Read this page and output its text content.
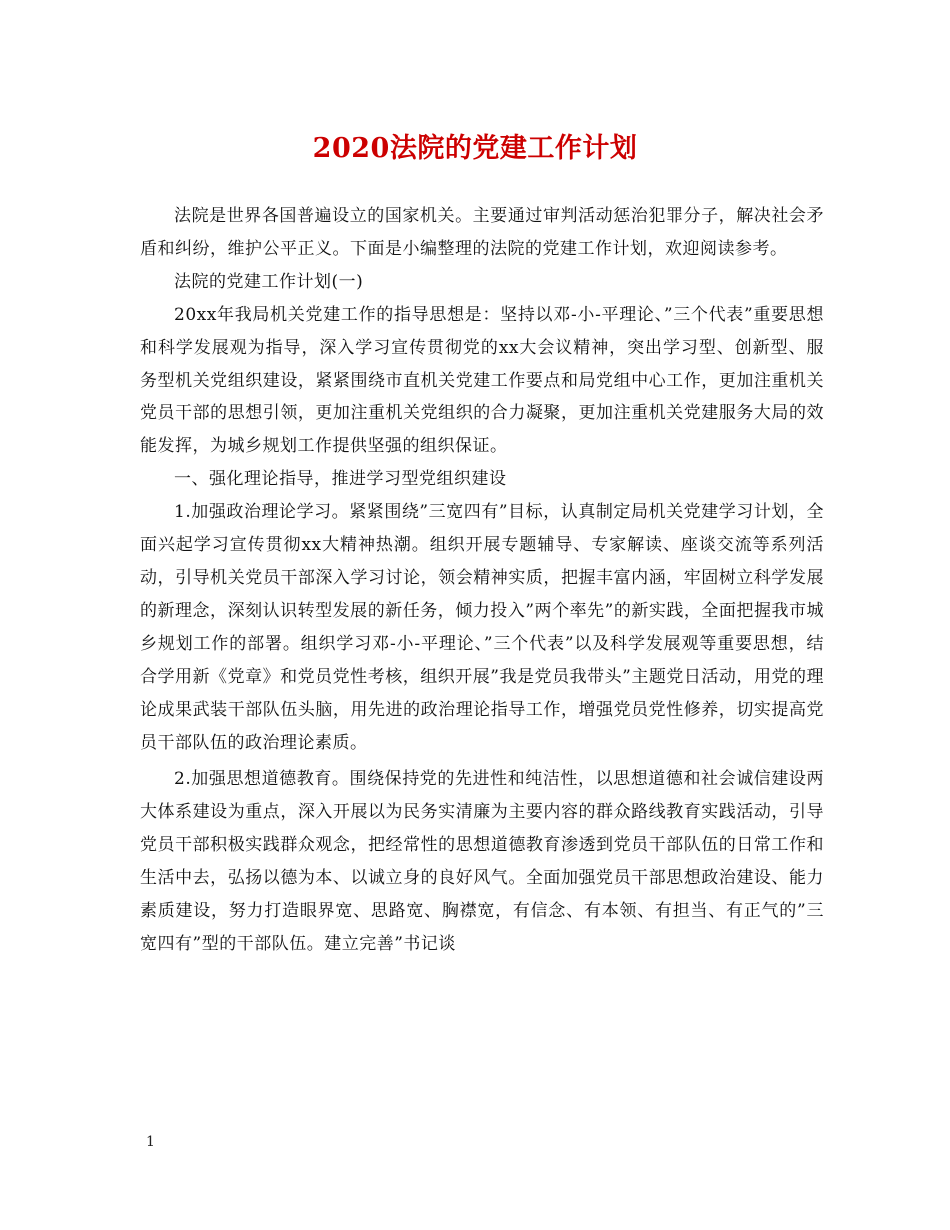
2020法院的党建工作计划

法院是世界各国普遍设立的国家机关。主要通过审判活动惩治犯罪分子，解决社会矛盾和纠纷，维护公平正义。下面是小编整理的法院的党建工作计划，欢迎阅读参考。

法院的党建工作计划(一)

20xx年我局机关党建工作的指导思想是：坚持以邓-小-平理论、”三个代表”重要思想和科学发展观为指导，深入学习宣传贯彻党的xx大会议精神，突出学习型、创新型、服务型机关党组织建设，紧紧围绕市直机关党建工作要点和局党组中心工作，更加注重机关党员干部的思想引领，更加注重机关党组织的合力凝聚，更加注重机关党建服务大局的效能发挥，为城乡规划工作提供坚强的组织保证。

一、强化理论指导，推进学习型党组织建设

1.加强政治理论学习。紧紧围绕”三宽四有”目标，认真制定局机关党建学习计划，全面兴起学习宣传贯彻xx大精神热潮。组织开展专题辅导、专家解读、座谈交流等系列活动，引导机关党员干部深入学习讨论，领会精神实质，把握丰富内涵，牢固树立科学发展的新理念，深刻认识转型发展的新任务，倾力投入”两个率先”的新实践，全面把握我市城乡规划工作的部署。组织学习邓-小-平理论、”三个代表”以及科学发展观等重要思想，结合学用新《党章》和党员党性考核，组织开展”我是党员我带头”主题党日活动，用党的理论成果武装干部队伍头脑，用先进的政治理论指导工作，增强党员党性修养，切实提高党员干部队伍的政治理论素质。

2.加强思想道德教育。围绕保持党的先进性和纯洁性，以思想道德和社会诚信建设两大体系建设为重点，深入开展以为民务实清廉为主要内容的群众路线教育实践活动，引导党员干部积极实践群众观念，把经常性的思想道德教育渗透到党员干部队伍的日常工作和生活中去，弘扬以德为本、以诚立身的良好风气。全面加强党员干部思想政治建设、能力素质建设，努力打造眼界宽、思路宽、胸襟宽，有信念、有本领、有担当、有正气的”三宽四有”型的干部队伍。建立完善”书记谈

1
